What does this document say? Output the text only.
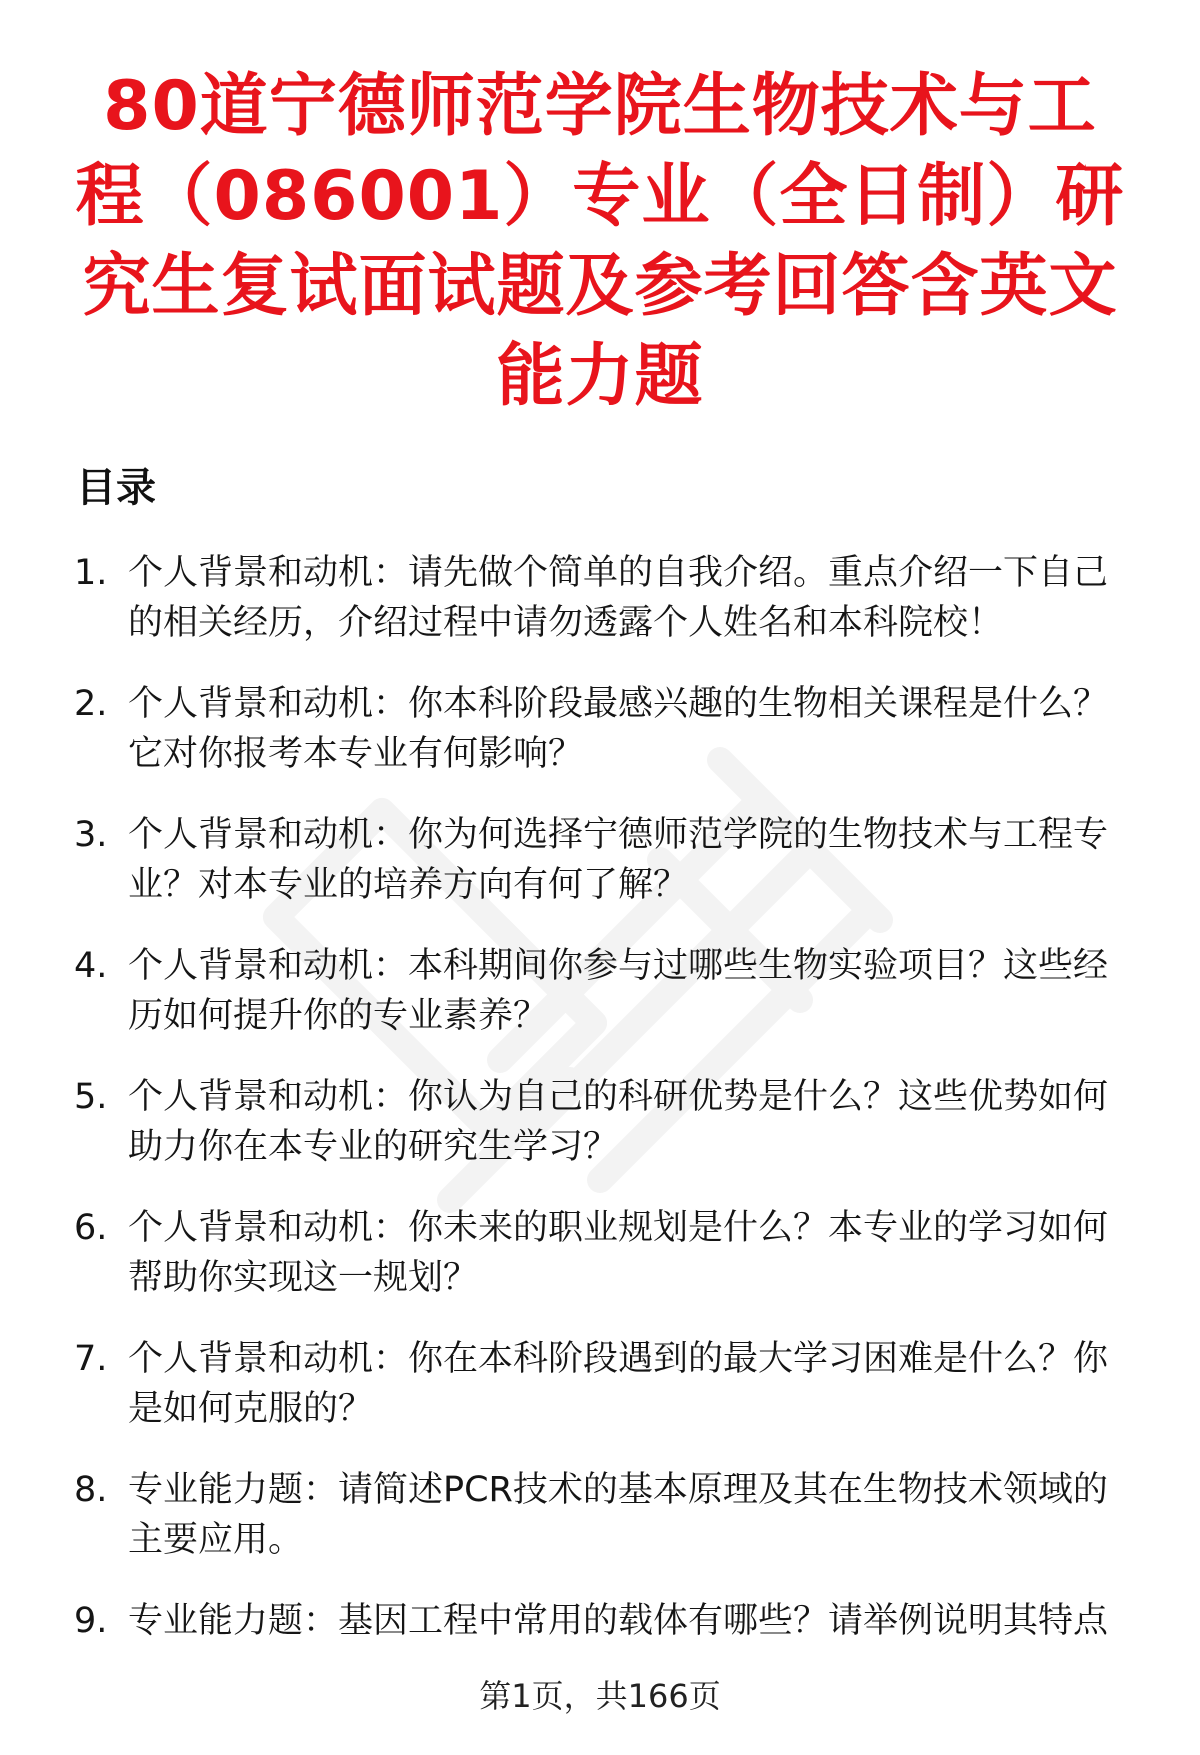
80道宁德师范学院生物技术与工程（086001）专业（全日制）研究生复试面试题及参考回答含英文能力题
目录
1. 个人背景和动机：请先做个简单的自我介绍。重点介绍一下自己的相关经历，介绍过程中请勿透露个人姓名和本科院校！
2. 个人背景和动机：你本科阶段最感兴趣的生物相关课程是什么？它对你报考本专业有何影响？
3. 个人背景和动机：你为何选择宁德师范学院的生物技术与工程专业？对本专业的培养方向有何了解？
4. 个人背景和动机：本科期间你参与过哪些生物实验项目？这些经历如何提升你的专业素养？
5. 个人背景和动机：你认为自己的科研优势是什么？这些优势如何助力你在本专业的研究生学习？
6. 个人背景和动机：你未来的职业规划是什么？本专业的学习如何帮助你实现这一规划？
7. 个人背景和动机：你在本科阶段遇到的最大学习困难是什么？你是如何克服的？
8. 专业能力题：请简述PCR技术的基本原理及其在生物技术领域的主要应用。
9. 专业能力题：基因工程中常用的载体有哪些？请举例说明其特点
第1页，共166页
